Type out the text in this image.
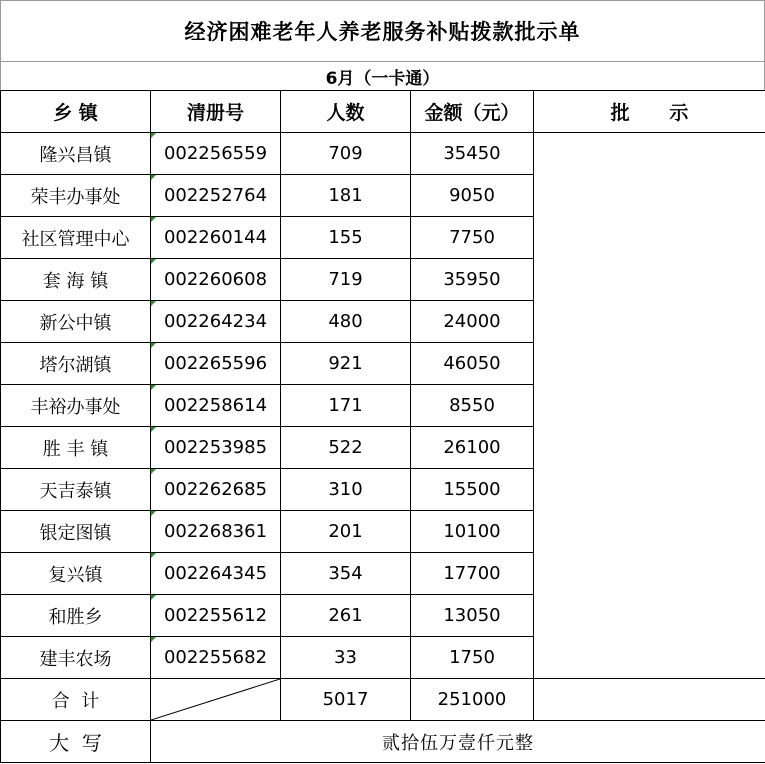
经济困难老年人养老服务补贴拨款批示单
6月（一卡通）
乡 镇	清册号	人数	金额（元）	批      示
隆兴昌镇	002256559	709	35450	
荣丰办事处	002252764	181	9050	
社区管理中心	002260144	155	7750	
套 海 镇	002260608	719	35950	
新公中镇	002264234	480	24000	
塔尔湖镇	002265596	921	46050	
丰裕办事处	002258614	171	8550	
胜 丰 镇	002253985	522	26100	
天吉泰镇	002262685	310	15500	
银定图镇	002268361	201	10100	
复兴镇	002264345	354	17700	
和胜乡	002255612	261	13050	
建丰农场	002255682	33	1750	
合  计		5017	251000	
大  写	贰拾伍万壹仟元整			
